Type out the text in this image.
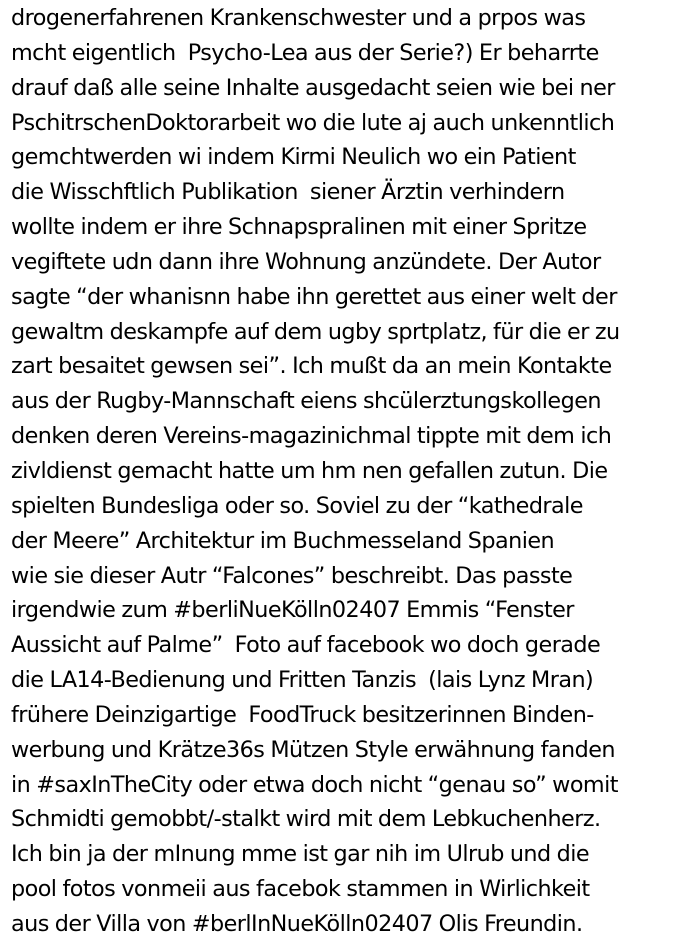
drogenerfahrenen Krankenschwester und a prpos was
mcht eigentlich  Psycho-Lea aus der Serie?) Er beharrte
drauf daß alle seine Inhalte ausgedacht seien wie bei ner
PschitrschenDoktorarbeit wo die lute aj auch unkenntlich
gemchtwerden wi indem Kirmi Neulich wo ein Patient
die Wisschftlich Publikation  siener Ärztin verhindern
wollte indem er ihre Schnapspralinen mit einer Spritze
vegiftete udn dann ihre Wohnung anzündete. Der Autor
sagte “der whanisnn habe ihn gerettet aus einer welt der
gewaltm deskampfe auf dem ugby sprtplatz, für die er zu
zart besaitet gewsen sei”. Ich mußt da an mein Kontakte
aus der Rugby-Mannschaft eiens shcülerztungskollegen
denken deren Vereins-magazinichmal tippte mit dem ich
zivldienst gemacht hatte um hm nen gefallen zutun. Die
spielten Bundesliga oder so. Soviel zu der “kathedrale
der Meere” Architektur im Buchmesseland Spanien
wie sie dieser Autr “Falcones” beschreibt. Das passte
irgendwie zum #berliNueKölln02407 Emmis “Fenster
Aussicht auf Palme”  Foto auf facebook wo doch gerade
die LA14-Bedienung und Fritten Tanzis  (lais Lynz Mran)
frühere Deinzigartige  FoodTruck besitzerinnen Binden-
werbung und Krätze36s Mützen Style erwähnung fanden
in #saxInTheCity oder etwa doch nicht “genau so” womit
Schmidti gemobbt/-stalkt wird mit dem Lebkuchenherz.
Ich bin ja der mInung mme ist gar nih im Ulrub und die
pool fotos vonmeii aus facebok stammen in Wirlichkeit
aus der Villa von #berlInNueKölln02407 Olis Freundin.
